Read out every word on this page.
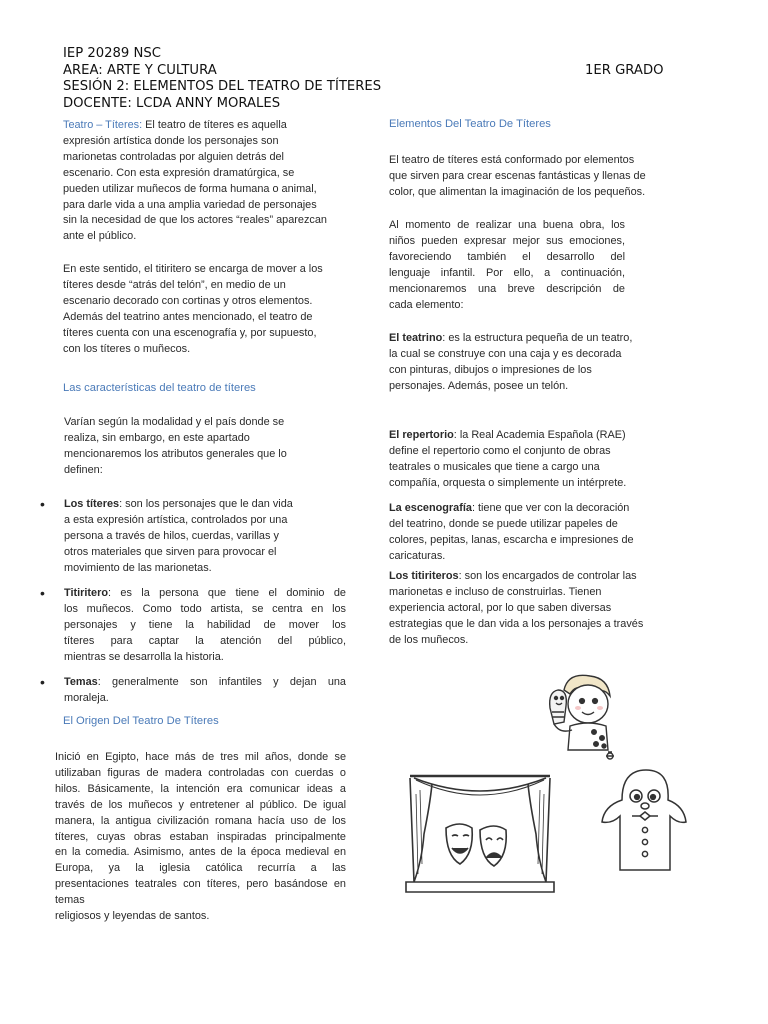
IEP 20289 NSC
AREA: ARTE Y CULTURA
SESIÓN 2: ELEMENTOS DEL TEATRO DE TÍTERES
DOCENTE: LCDA ANNY MORALES
1ER GRADO
Teatro – Títeres: El teatro de títeres es aquella
expresión artística donde los personajes son
marionetas controladas por alguien detrás del
escenario. Con esta expresión dramatúrgica, se
pueden utilizar muñecos de forma humana o animal,
para darle vida a una amplia variedad de personajes
sin la necesidad de que los actores “reales” aparezcan
ante el público.
En este sentido, el titiritero se encarga de mover a los
títeres desde “atrás del telón”, en medio de un
escenario decorado con cortinas y otros elementos.
Además del teatrino antes mencionado, el teatro de
títeres cuenta con una escenografía y, por supuesto,
con los títeres o muñecos.
Las características del teatro de títeres
Varían según la modalidad y el país donde se
realiza, sin embargo, en este apartado
mencionaremos los atributos generales que lo
definen:
• Los títeres: son los personajes que le dan vida
a esta expresión artística, controlados por una
persona a través de hilos, cuerdas, varillas y
otros materiales que sirven para provocar el
movimiento de las marionetas.
• Titiritero: es la persona que tiene el dominio de
los muñecos. Como todo artista, se centra en los
personajes y tiene la habilidad de mover los
títeres para captar la atención del público,
mientras se desarrolla la historia.
• Temas: generalmente son infantiles y dejan una
moraleja.
El Origen Del Teatro De Títeres
Inició en Egipto, hace más de tres mil años, donde se
utilizaban figuras de madera controladas con cuerdas o
hilos. Básicamente, la intención era comunicar ideas a
través de los muñecos y entretener al público. De igual
manera, la antigua civilización romana hacía uso de los
títeres, cuyas obras estaban inspiradas principalmente
en la comedia. Asimismo, antes de la época medieval en
Europa, ya la iglesia católica recurría a las
presentaciones teatrales con títeres, pero basándose en
temas
religiosos y leyendas de santos.
Elementos Del Teatro De Títeres
El teatro de títeres está conformado por elementos
que sirven para crear escenas fantásticas y llenas de
color, que alimentan la imaginación de los pequeños.
Al momento de realizar una buena obra, los
niños pueden expresar mejor sus emociones,
favoreciendo también el desarrollo del
lenguaje infantil. Por ello, a continuación,
mencionaremos una breve descripción de
cada elemento:
El teatrino: es la estructura pequeña de un teatro,
la cual se construye con una caja y es decorada
con pinturas, dibujos o impresiones de los
personajes. Además, posee un telón.
El repertorio: la Real Academia Española (RAE)
define el repertorio como el conjunto de obras
teatrales o musicales que tiene a cargo una
compañía, orquesta o simplemente un intérprete.
La escenografía: tiene que ver con la decoración
del teatrino, donde se puede utilizar papeles de
colores, pepitas, lanas, escarcha e impresiones de
caricaturas.
Los titiriteros: son los encargados de controlar las
marionetas e incluso de construirlas. Tienen
experiencia actoral, por lo que saben diversas
estrategias que le dan vida a los personajes a través
de los muñecos.
